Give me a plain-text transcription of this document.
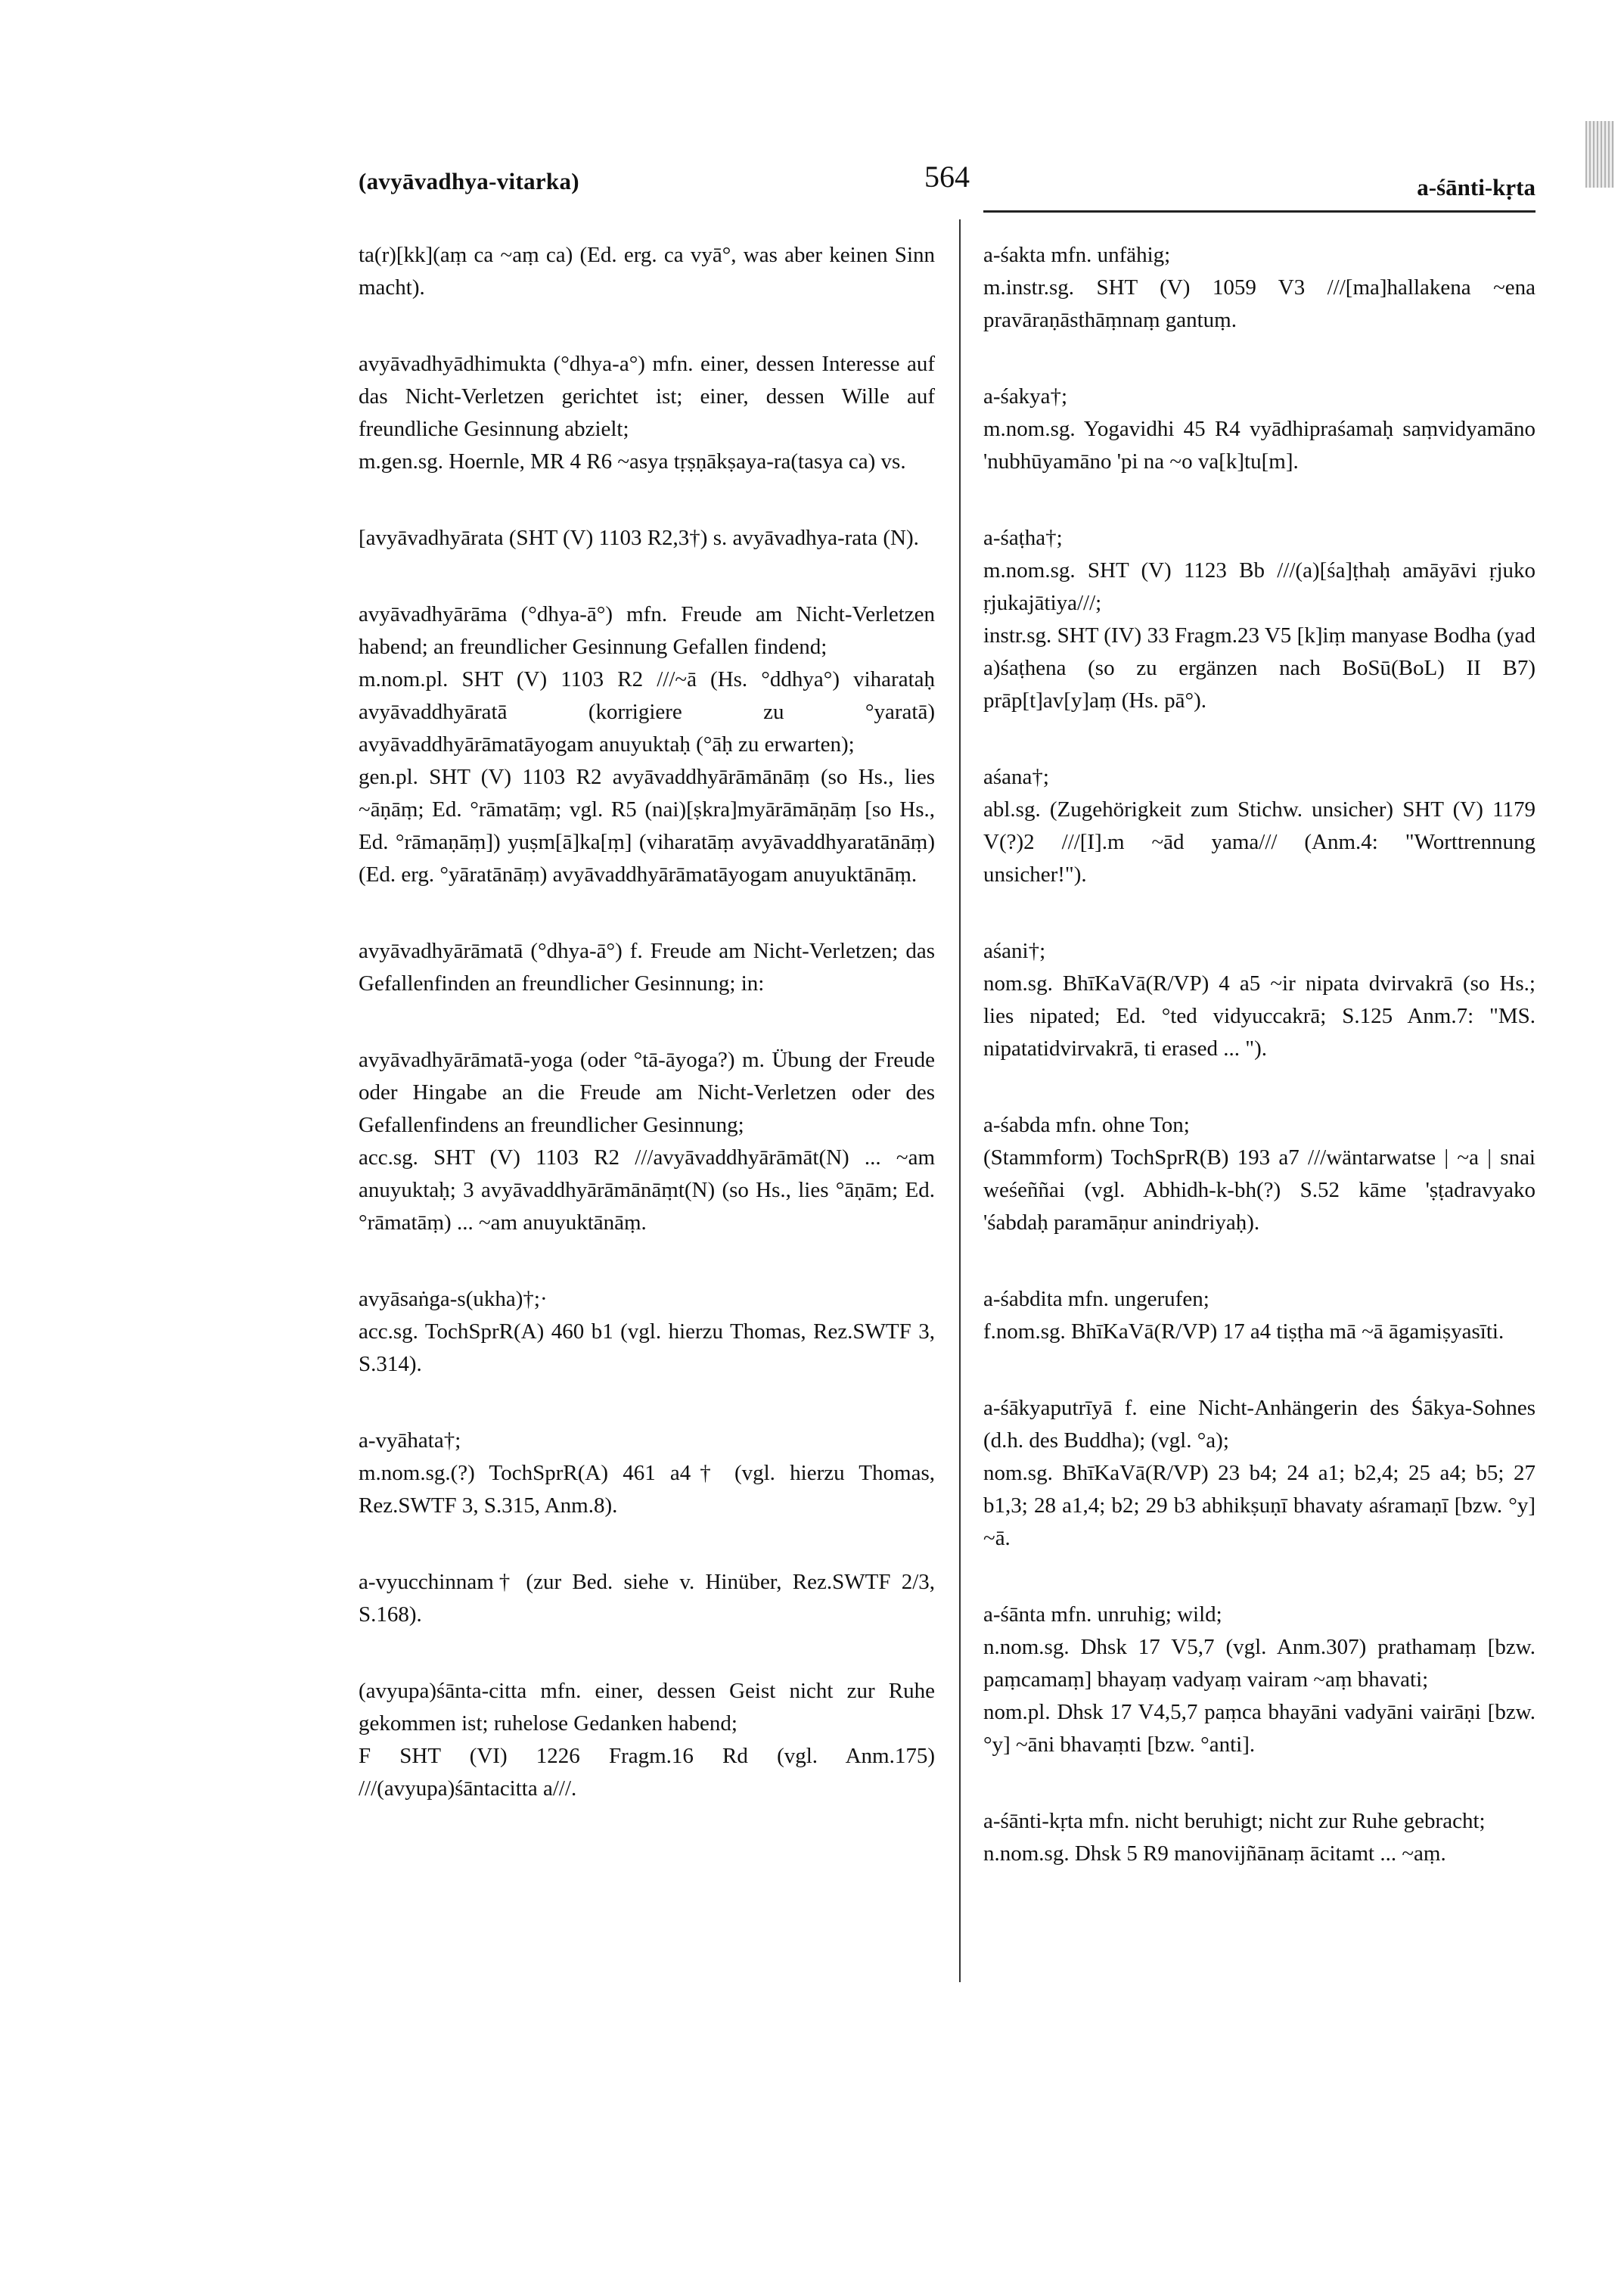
(avyāvadhya-vitarka)	564	a-śānti-kṛta

ta(r)[kk](aṃ ca ~aṃ ca) (Ed. erg. ca vyā°, was aber keinen Sinn macht).

avyāvadhyādhimukta (°dhya-a°) mfn. einer, dessen Interesse auf das Nicht-Verletzen gerichtet ist; einer, dessen Wille auf freundliche Gesinnung abzielt;

m.gen.sg. Hoernle, MR 4 R6 ~asya tṛṣṇākṣaya-ra(tasya ca) vs.

[avyāvadhyārata (SHT (V) 1103 R2,3†) s. avyāvadhya-rata (N).

avyāvadhyārāma (°dhya-ā°) mfn. Freude am Nicht-Verletzen habend; an freundlicher Gesinnung Gefallen findend;

m.nom.pl. SHT (V) 1103 R2 ///~ā (Hs. °ddhya°) viharataḥ avyāvaddhyāratā (korrigiere zu °yaratā) avyāvaddhyārāmatāyogam anuyuktaḥ (°āḥ zu erwarten);

gen.pl. SHT (V) 1103 R2 avyāvaddhyārāmānāṃ (so Hs., lies ~āṇāṃ; Ed. °rāmatāṃ; vgl. R5 (nai)[ṣkra]myārāmāṇāṃ [so Hs., Ed. °rāmaṇāṃ]) yuṣm[ā]ka[ṃ] (viharatāṃ avyāvaddhyaratānāṃ) (Ed. erg. °yāratānāṃ) avyāvaddhyārāmatāyogam anuyuktānāṃ.

avyāvadhyārāmatā (°dhya-ā°) f. Freude am Nicht-Verletzen; das Gefallenfinden an freundlicher Gesinnung; in:

avyāvadhyārāmatā-yoga (oder °tā-āyoga?) m. Übung der Freude oder Hingabe an die Freude am Nicht-Verletzen oder des Gefallenfindens an freundlicher Gesinnung;

acc.sg. SHT (V) 1103 R2 ///avyāvaddhyārāmāt(N) ... ~am anuyuktaḥ; 3 avyāvaddhyārāmānāṃt(N) (so Hs., lies °āṇām; Ed. °rāmatāṃ) ... ~am anuyuktānāṃ.

avyāsaṅga-s(ukha)†;·

acc.sg. TochSprR(A) 460 b1 (vgl. hierzu Thomas, Rez.SWTF 3, S.314).

a-vyāhata†;

m.nom.sg.(?) TochSprR(A) 461 a4† (vgl. hierzu Thomas, Rez.SWTF 3, S.315, Anm.8).

a-vyucchinnam† (zur Bed. siehe v. Hinüber, Rez.SWTF 2/3, S.168).

(avyupa)śānta-citta mfn. einer, dessen Geist nicht zur Ruhe gekommen ist; ruhelose Gedanken habend;

F SHT (VI) 1226 Fragm.16 Rd (vgl. Anm.175) ///(avyupa)śāntacitta a///.

a-śakta mfn. unfähig;

m.instr.sg. SHT (V) 1059 V3 ///[ma]hallakena ~ena pravāraṇāsthāṃnaṃ gantuṃ.

a-śakya†;

m.nom.sg. Yogavidhi 45 R4 vyādhipraśamaḥ saṃvidyamāno 'nubhūyamāno 'pi na ~o va[k]tu[m].

a-śaṭha†;

m.nom.sg. SHT (V) 1123 Bb ///(a)[śa]ṭhaḥ amāyāvi ṛjuko ṛjukajātiya///;

instr.sg. SHT (IV) 33 Fragm.23 V5 [k]iṃ manyase Bodha (yad a)śaṭhena (so zu ergänzen nach BoSū(BoL) II B7) prāp[t]av[y]aṃ (Hs. pā°).

aśana†;

abl.sg. (Zugehörigkeit zum Stichw. unsicher) SHT (V) 1179 V(?)2 ///[I].m ~ād yama/// (Anm.4: "Worttrennung unsicher!").

aśani†;

nom.sg. BhīKaVā(R/VP) 4 a5 ~ir nipata dvirvakrā (so Hs.; lies nipated; Ed. °ted vidyuccakrā; S.125 Anm.7: "MS. nipatatidvirvakrā, ti erased ... ").

a-śabda mfn. ohne Ton;

(Stammform) TochSprR(B) 193 a7 ///wäntarwatse | ~a | snai weśeññai (vgl. Abhidh-k-bh(?) S.52 kāme 'ṣṭadravyako 'śabdaḥ paramāṇur anindriyaḥ).

a-śabdita mfn. ungerufen;

f.nom.sg. BhīKaVā(R/VP) 17 a4 tiṣṭha mā ~ā āgamiṣyasīti.

a-śākyaputrīyā f. eine Nicht-Anhängerin des Śākya-Sohnes (d.h. des Buddha); (vgl. °a);

nom.sg. BhīKaVā(R/VP) 23 b4; 24 a1; b2,4; 25 a4; b5; 27 b1,3; 28 a1,4; b2; 29 b3 abhikṣuṇī bhavaty aśramaṇī [bzw. °y] ~ā.

a-śānta mfn. unruhig; wild;

n.nom.sg. Dhsk 17 V5,7 (vgl. Anm.307) prathamaṃ [bzw. paṃcamaṃ] bhayaṃ vadyaṃ vairam ~aṃ bhavati;

nom.pl. Dhsk 17 V4,5,7 paṃca bhayāni vadyāni vairāṇi [bzw. °y] ~āni bhavaṃti [bzw. °anti].

a-śānti-kṛta mfn. nicht beruhigt; nicht zur Ruhe gebracht;

n.nom.sg. Dhsk 5 R9 manovijñānaṃ ācitamt ... ~aṃ.
